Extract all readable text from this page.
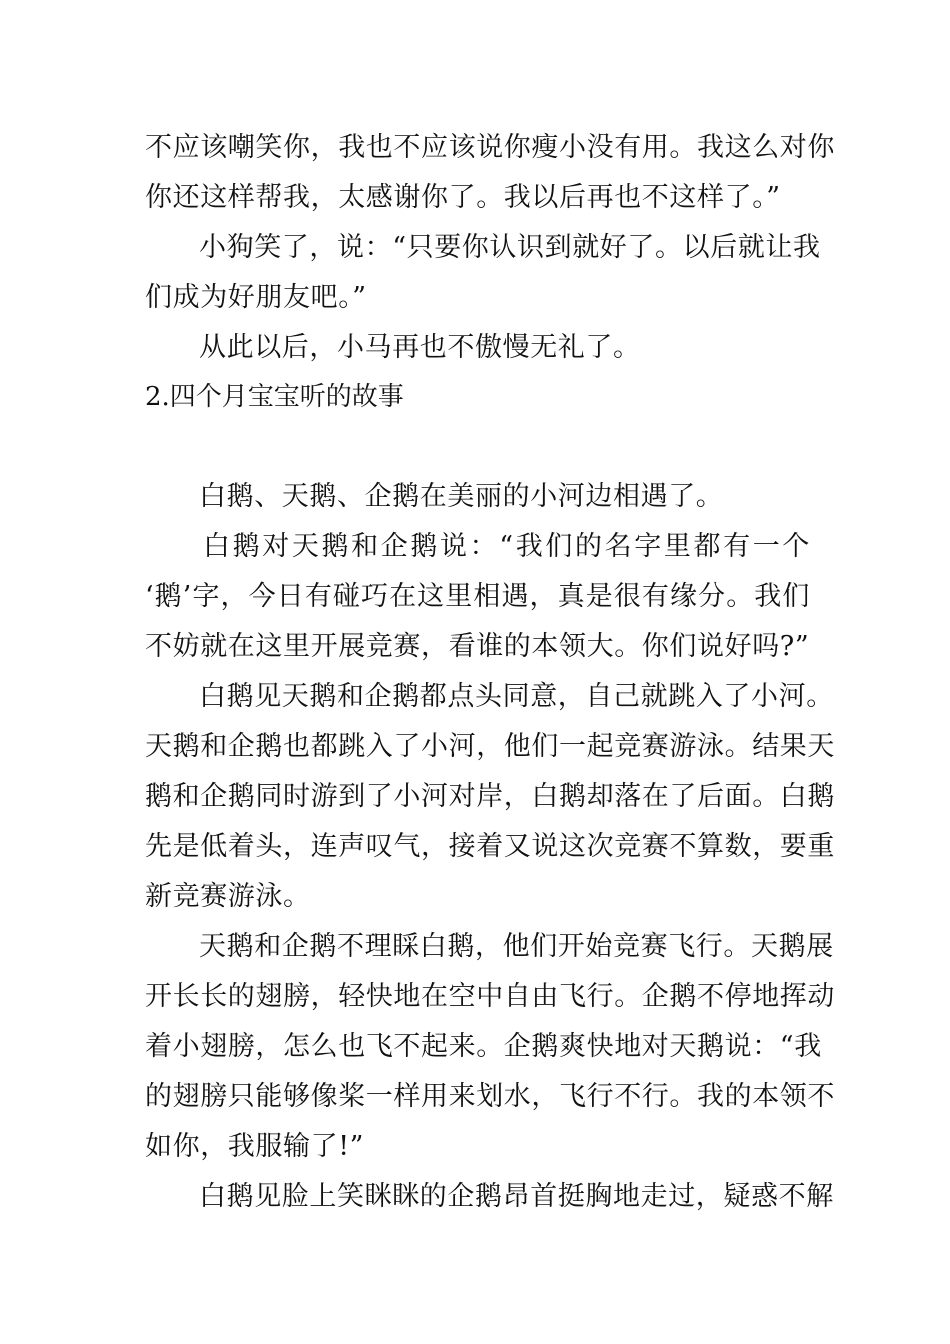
不应该嘲笑你，我也不应该说你瘦小没有用。我这么对你
你还这样帮我，太感谢你了。我以后再也不这样了。”
小狗笑了，说：“只要你认识到就好了。以后就让我
们成为好朋友吧。”
从此以后，小马再也不傲慢无礼了。
2.四个月宝宝听的故事
白鹅、天鹅、企鹅在美丽的小河边相遇了。
白鹅对天鹅和企鹅说：“我们的名字里都有一个
‘鹅’字，今日有碰巧在这里相遇，真是很有缘分。我们
不妨就在这里开展竞赛，看谁的本领大。你们说好吗?”
白鹅见天鹅和企鹅都点头同意，自己就跳入了小河。
天鹅和企鹅也都跳入了小河，他们一起竞赛游泳。结果天
鹅和企鹅同时游到了小河对岸，白鹅却落在了后面。白鹅
先是低着头，连声叹气，接着又说这次竞赛不算数，要重
新竞赛游泳。
天鹅和企鹅不理睬白鹅，他们开始竞赛飞行。天鹅展
开长长的翅膀，轻快地在空中自由飞行。企鹅不停地挥动
着小翅膀，怎么也飞不起来。企鹅爽快地对天鹅说：“我
的翅膀只能够像桨一样用来划水，飞行不行。我的本领不
如你，我服输了!”
白鹅见脸上笑眯眯的企鹅昂首挺胸地走过，疑惑不解
